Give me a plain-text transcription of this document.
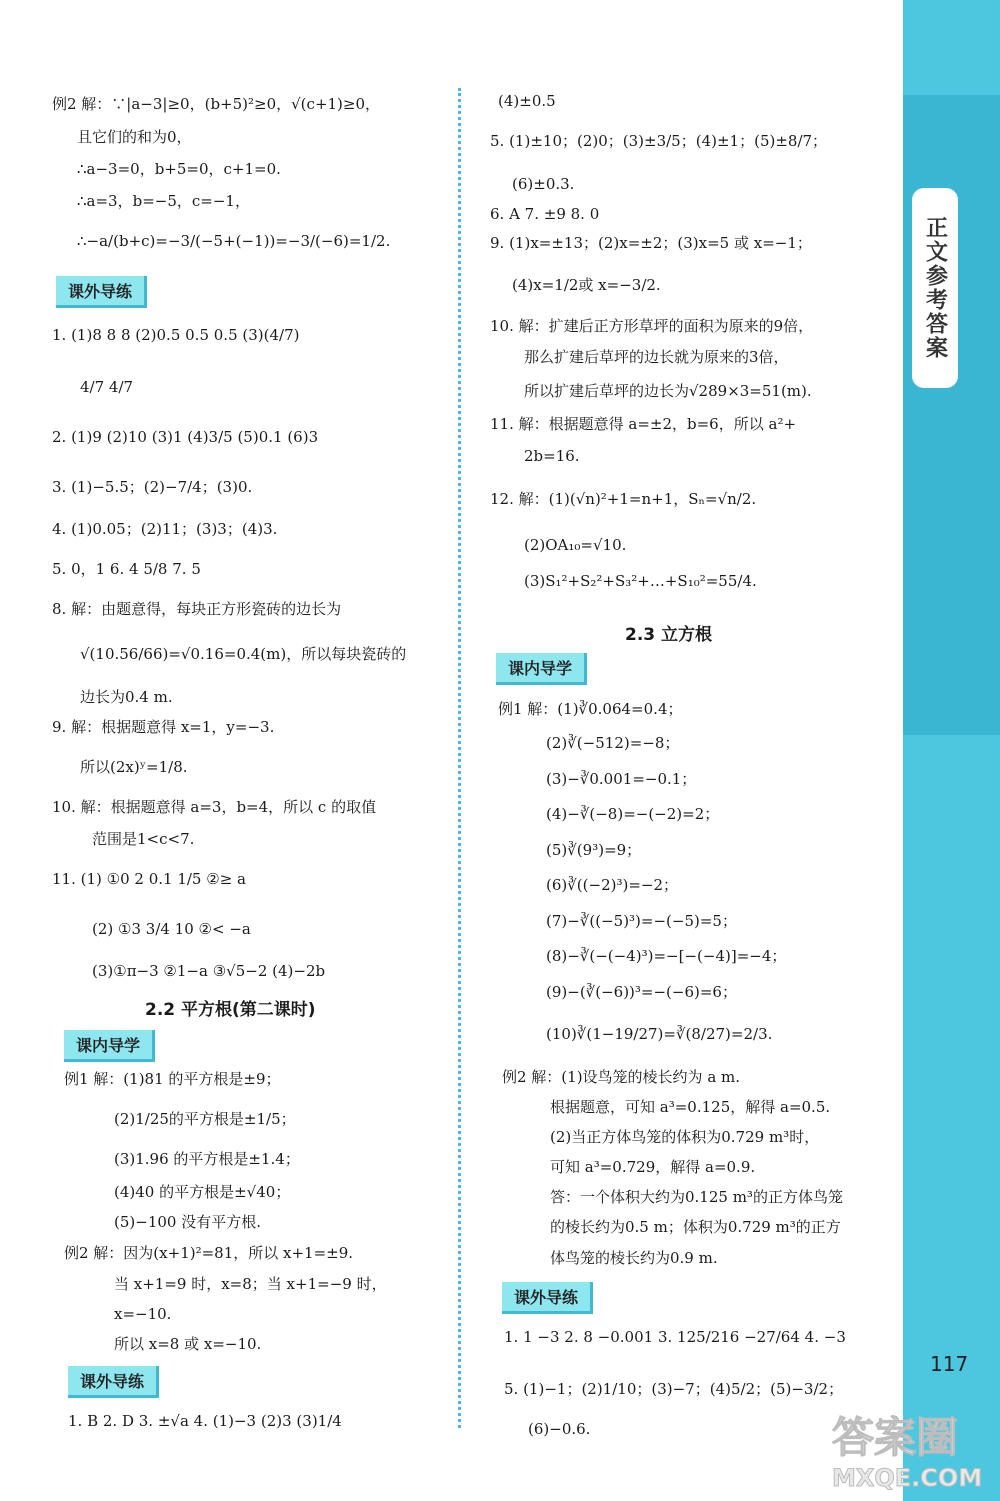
正文参考答案
例2 解：∵|a−3|≥0，(b+5)²≥0，√(c+1)≥0，
且它们的和为0，
∴a−3=0，b+5=0，c+1=0.
∴a=3，b=−5，c=−1，
∴−a/(b+c)=−3/(−5+(−1))=−3/(−6)=1/2.
课外导练
1. (1)8 8 8 (2)0.5 0.5 0.5 (3)(4/7)
4/7 4/7
2. (1)9 (2)10 (3)1 (4)3/5 (5)0.1 (6)3
3. (1)−5.5；(2)−7/4；(3)0.
4. (1)0.05；(2)11；(3)3；(4)3.
5. 0，1 6. 4 5/8 7. 5
8. 解：由题意得，每块正方形瓷砖的边长为
√(10.56/66)=√0.16=0.4(m)，所以每块瓷砖的
边长为0.4 m.
9. 解：根据题意得 x=1，y=−3.
所以(2x)ʸ=1/8.
10. 解：根据题意得 a=3，b=4，所以 c 的取值
范围是1<c<7.
11. (1) ①0 2 0.1 1/5 ②≥ a
(2) ①3 3/4 10 ②< −a
(3)①π−3 ②1−a ③√5−2 (4)−2b
2.2 平方根(第二课时)
课内导学
例1 解：(1)81 的平方根是±9；
(2)1/25的平方根是±1/5；
(3)1.96 的平方根是±1.4；
(4)40 的平方根是±√40；
(5)−100 没有平方根.
例2 解：因为(x+1)²=81，所以 x+1=±9.
当 x+1=9 时，x=8；当 x+1=−9 时，
x=−10.
所以 x=8 或 x=−10.
课外导练
1. B 2. D 3. ±√a 4. (1)−3 (2)3 (3)1/4
(4)±0.5
5. (1)±10；(2)0；(3)±3/5；(4)±1；(5)±8/7；
(6)±0.3.
6. A 7. ±9 8. 0
9. (1)x=±13；(2)x=±2；(3)x=5 或 x=−1；
(4)x=1/2或 x=−3/2.
10. 解：扩建后正方形草坪的面积为原来的9倍，
那么扩建后草坪的边长就为原来的3倍，
所以扩建后草坪的边长为√289×3=51(m).
11. 解：根据题意得 a=±2，b=6，所以 a²+
2b=16.
12. 解：(1)(√n)²+1=n+1，Sₙ=√n/2.
(2)OA₁₀=√10.
(3)S₁²+S₂²+S₃²+…+S₁₀²=55/4.
2.3 立方根
课内导学
例1 解：(1)∛0.064=0.4；
(2)∛(−512)=−8；
(3)−∛0.001=−0.1；
(4)−∛(−8)=−(−2)=2；
(5)∛(9³)=9；
(6)∛((−2)³)=−2；
(7)−∛((−5)³)=−(−5)=5；
(8)−∛(−(−4)³)=−[−(−4)]=−4；
(9)−(∛(−6))³=−(−6)=6；
(10)∛(1−19/27)=∛(8/27)=2/3.
例2 解：(1)设鸟笼的棱长约为 a m.
根据题意，可知 a³=0.125，解得 a=0.5.
(2)当正方体鸟笼的体积为0.729 m³时，
可知 a³=0.729，解得 a=0.9.
答：一个体积大约为0.125 m³的正方体鸟笼
的棱长约为0.5 m；体积为0.729 m³的正方
体鸟笼的棱长约为0.9 m.
课外导练
1. 1 −3 2. 8 −0.001 3. 125/216 −27/64 4. −3
5. (1)−1；(2)1/10；(3)−7；(4)5/2；(5)−3/2；
(6)−0.6.
117
答案圈
MXQE.COM
